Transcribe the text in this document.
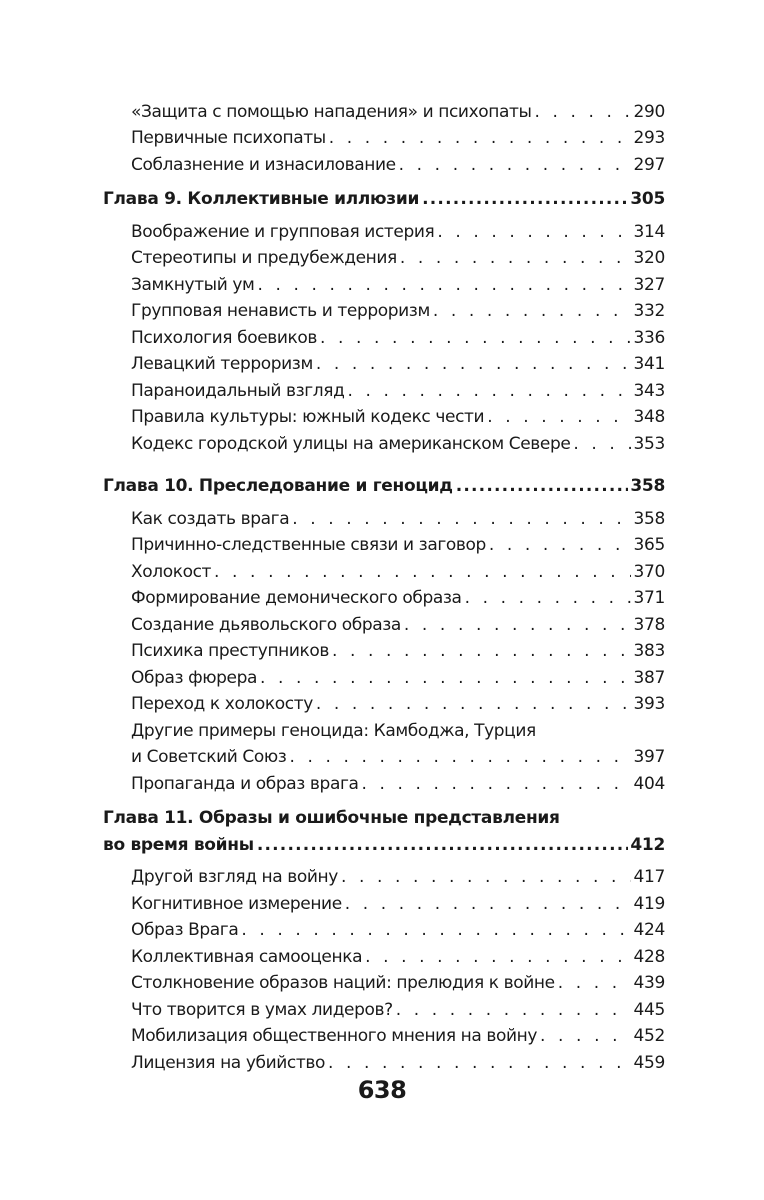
«Защита с помощью нападения» и психопаты . . .	290
Первичные психопаты . . .	293
Соблазнение и изнасилование . . .	297
Глава 9. Коллективные иллюзии .....	305
Воображение и групповая истерия . . .	314
Стереотипы и предубеждения . . .	320
Замкнутый ум . . .	327
Групповая ненависть и терроризм . . .	332
Психология боевиков . . .	336
Левацкий терроризм . . .	341
Параноидальный взгляд . . .	343
Правила культуры: южный кодекс чести . . .	348
Кодекс городской улицы на американском Севере . . .	353
Глава 10. Преследование и геноцид .....	358
Как создать врага . . .	358
Причинно-следственные связи и заговор . . .	365
Холокост . . .	370
Формирование демонического образа . . .	371
Создание дьявольского образа . . .	378
Психика преступников . . .	383
Образ фюрера . . .	387
Переход к холокосту . . .	393
Другие примеры геноцида: Камбоджа, Турция
и Советский Союз . . .	397
Пропаганда и образ врага . . .	404
Глава 11. Образы и ошибочные представления
во время войны .....	412
Другой взгляд на войну . . .	417
Когнитивное измерение . . .	419
Образ Врага . . .	424
Коллективная самооценка . . .	428
Столкновение образов наций: прелюдия к войне . . .	439
Что творится в умах лидеров? . . .	445
Мобилизация общественного мнения на войну . . .	452
Лицензия на убийство . . .	459
638
